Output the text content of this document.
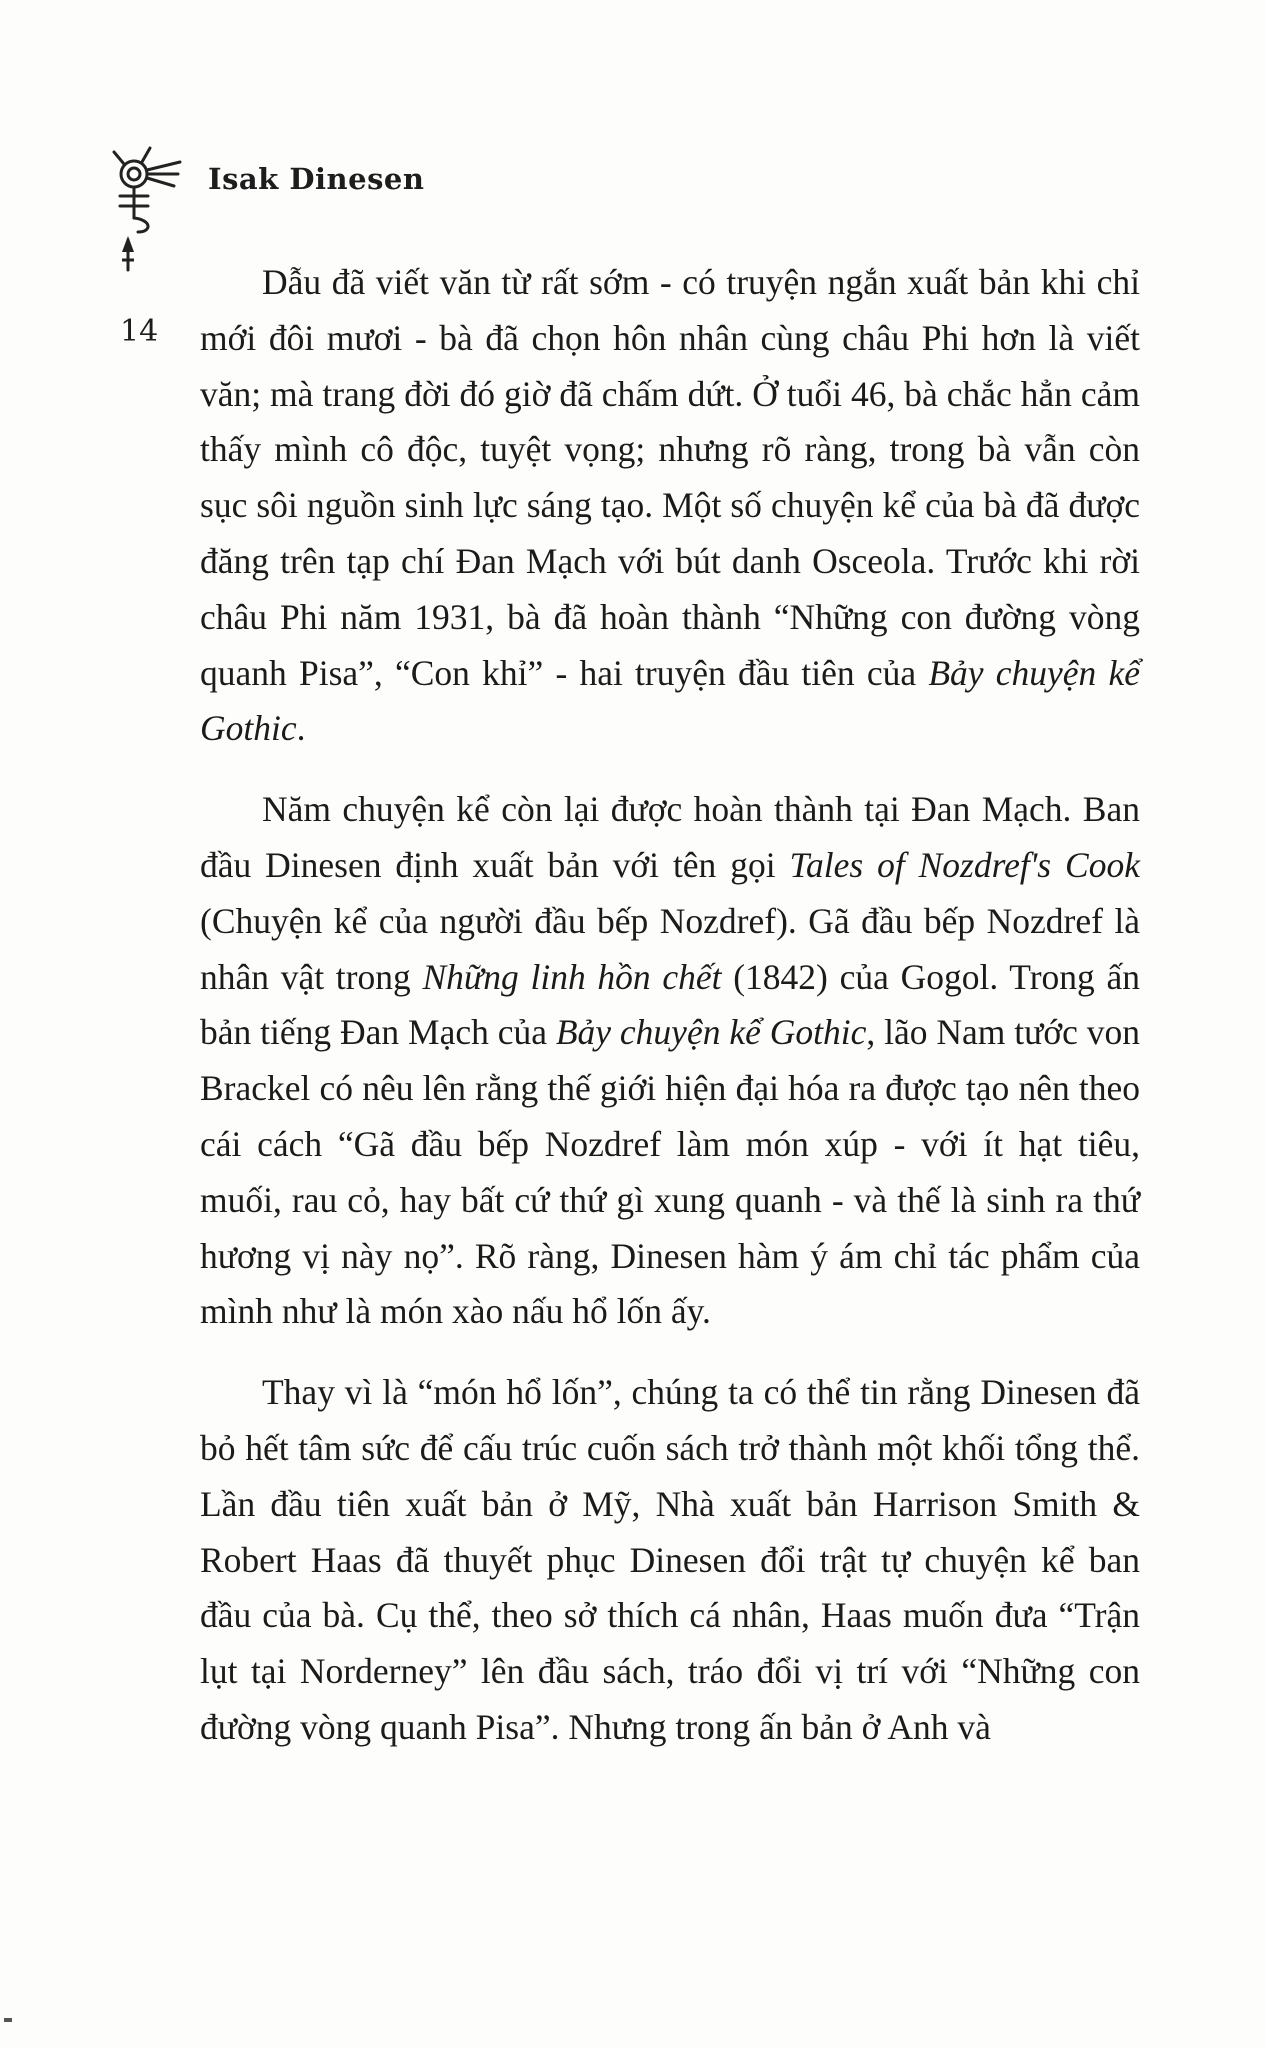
Isak Dinesen
14

Dẫu đã viết văn từ rất sớm - có truyện ngắn xuất bản khi chỉ mới đôi mươi - bà đã chọn hôn nhân cùng châu Phi hơn là viết văn; mà trang đời đó giờ đã chấm dứt. Ở tuổi 46, bà chắc hẳn cảm thấy mình cô độc, tuyệt vọng; nhưng rõ ràng, trong bà vẫn còn sục sôi nguồn sinh lực sáng tạo. Một số chuyện kể của bà đã được đăng trên tạp chí Đan Mạch với bút danh Osceola. Trước khi rời châu Phi năm 1931, bà đã hoàn thành “Những con đường vòng quanh Pisa”, “Con khỉ” - hai truyện đầu tiên của Bảy chuyện kể Gothic.

Năm chuyện kể còn lại được hoàn thành tại Đan Mạch. Ban đầu Dinesen định xuất bản với tên gọi Tales of Nozdref's Cook (Chuyện kể của người đầu bếp Nozdref). Gã đầu bếp Nozdref là nhân vật trong Những linh hồn chết (1842) của Gogol. Trong ấn bản tiếng Đan Mạch của Bảy chuyện kể Gothic, lão Nam tước von Brackel có nêu lên rằng thế giới hiện đại hóa ra được tạo nên theo cái cách “Gã đầu bếp Nozdref làm món xúp - với ít hạt tiêu, muối, rau cỏ, hay bất cứ thứ gì xung quanh - và thế là sinh ra thứ hương vị này nọ”. Rõ ràng, Dinesen hàm ý ám chỉ tác phẩm của mình như là món xào nấu hổ lốn ấy.

Thay vì là “món hổ lốn”, chúng ta có thể tin rằng Dinesen đã bỏ hết tâm sức để cấu trúc cuốn sách trở thành một khối tổng thể. Lần đầu tiên xuất bản ở Mỹ, Nhà xuất bản Harrison Smith & Robert Haas đã thuyết phục Dinesen đổi trật tự chuyện kể ban đầu của bà. Cụ thể, theo sở thích cá nhân, Haas muốn đưa “Trận lụt tại Norderney” lên đầu sách, tráo đổi vị trí với “Những con đường vòng quanh Pisa”. Nhưng trong ấn bản ở Anh và
